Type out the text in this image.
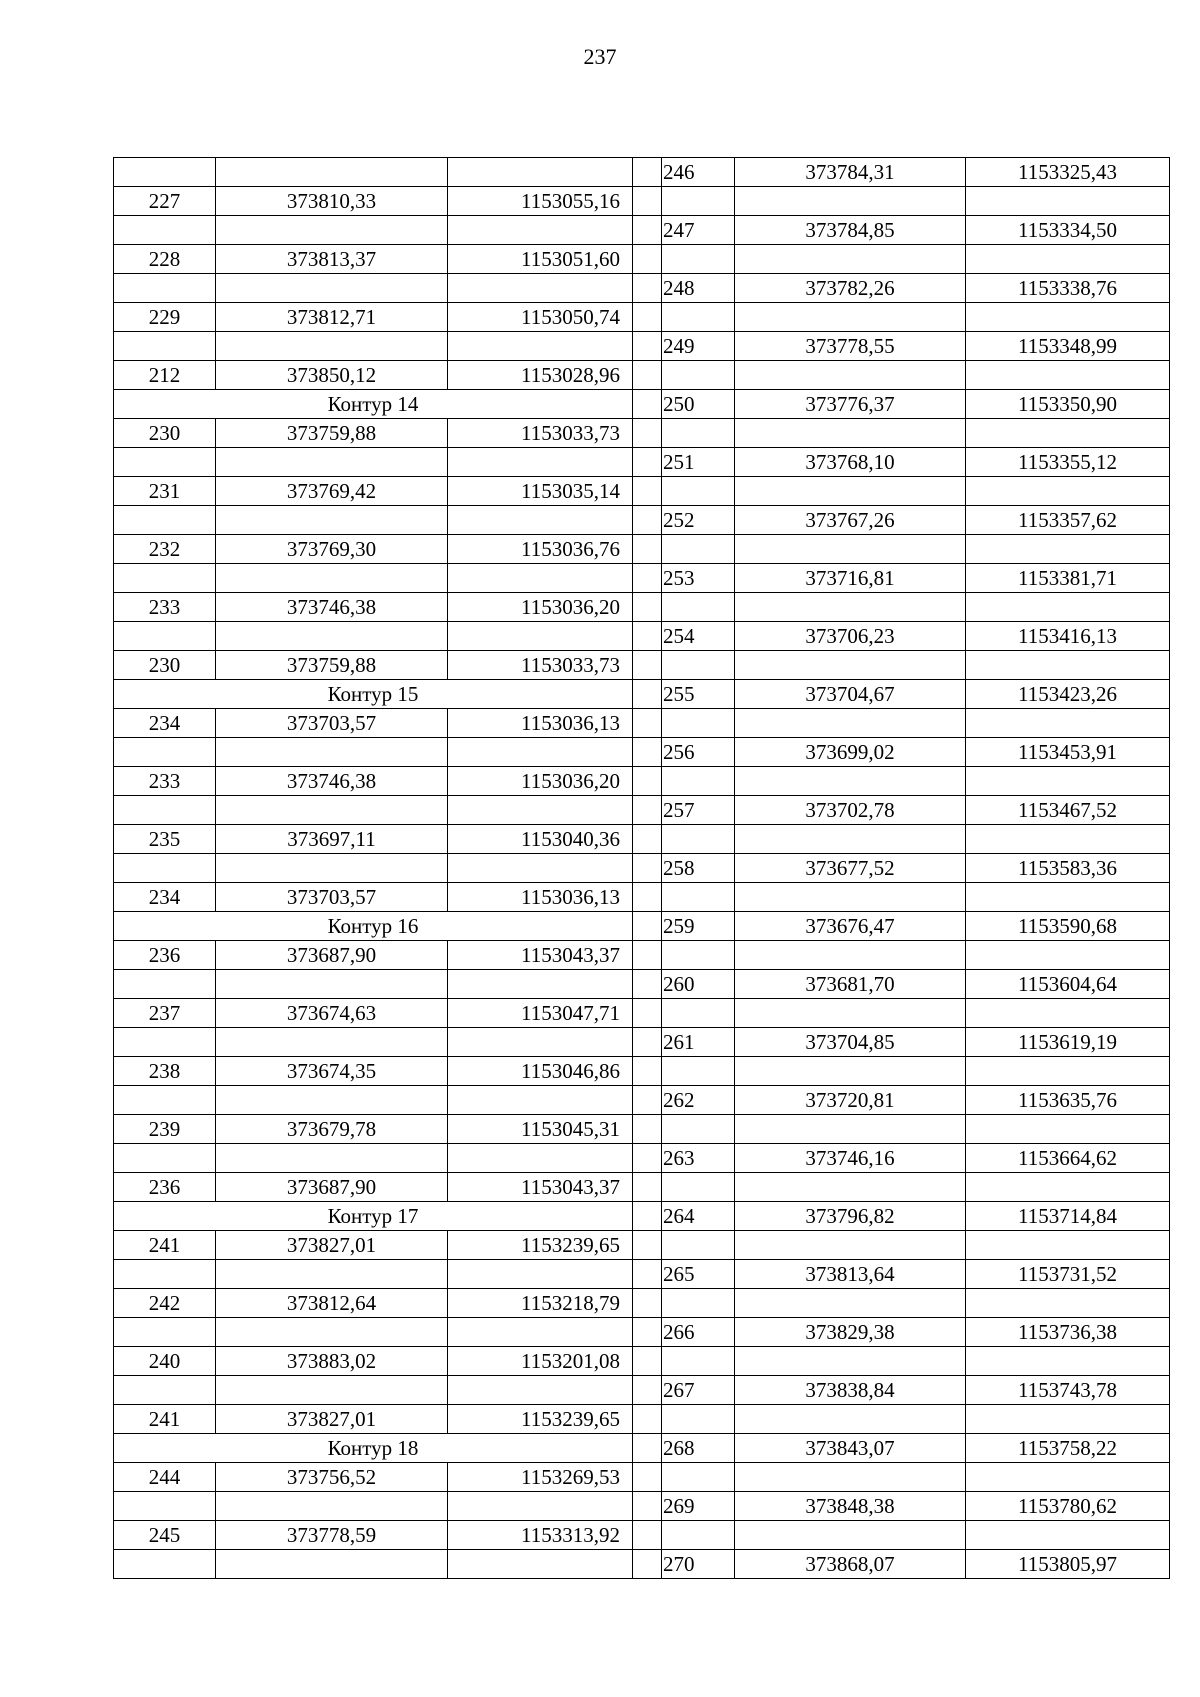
237

227	373810,33	1153055,16	

228	373813,37	1153051,60	

229	373812,71	1153050,74	

212	373850,12	1153028,96	
Контур 14			
230	373759,88	1153033,73	

231	373769,42	1153035,14	

232	373769,30	1153036,76	

233	373746,38	1153036,20	

230	373759,88	1153033,73	
Контур 15			
234	373703,57	1153036,13	

233	373746,38	1153036,20	

235	373697,11	1153040,36	

234	373703,57	1153036,13	
Контур 16			
236	373687,90	1153043,37	

237	373674,63	1153047,71	

238	373674,35	1153046,86	

239	373679,78	1153045,31	

236	373687,90	1153043,37	
Контур 17			
241	373827,01	1153239,65	

242	373812,64	1153218,79	

240	373883,02	1153201,08	

241	373827,01	1153239,65	
Контур 18			
244	373756,52	1153269,53	

245	373778,59	1153313,92	

246	373784,31	1153325,43

247	373784,85	1153334,50

248	373782,26	1153338,76

249	373778,55	1153348,99

250	373776,37	1153350,90

251	373768,10	1153355,12

252	373767,26	1153357,62

253	373716,81	1153381,71

254	373706,23	1153416,13

255	373704,67	1153423,26

256	373699,02	1153453,91

257	373702,78	1153467,52

258	373677,52	1153583,36

259	373676,47	1153590,68

260	373681,70	1153604,64

261	373704,85	1153619,19

262	373720,81	1153635,76

263	373746,16	1153664,62

264	373796,82	1153714,84

265	373813,64	1153731,52

266	373829,38	1153736,38

267	373838,84	1153743,78

268	373843,07	1153758,22

269	373848,38	1153780,62

270	373868,07	1153805,97
